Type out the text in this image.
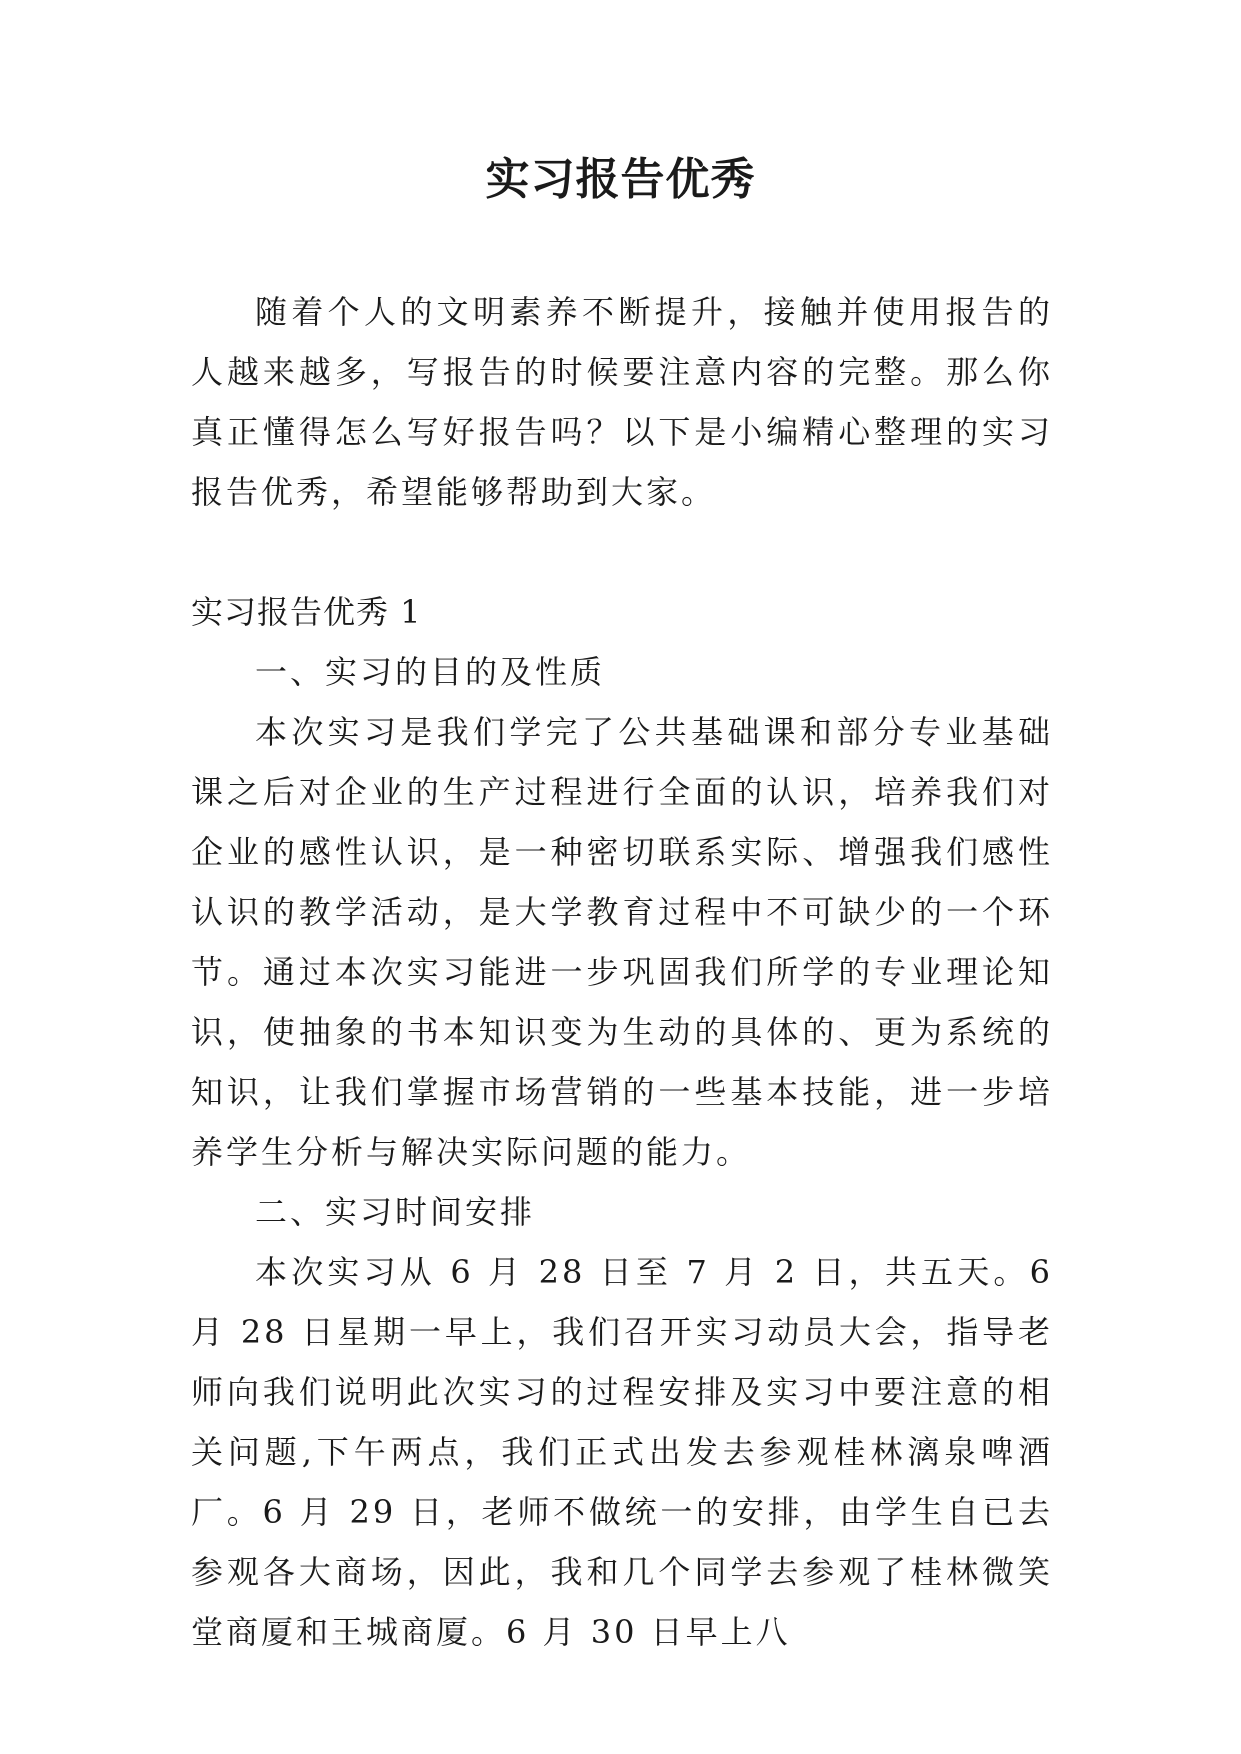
实习报告优秀

随着个人的文明素养不断提升，接触并使用报告的人越来越多，写报告的时候要注意内容的完整。那么你真正懂得怎么写好报告吗？以下是小编精心整理的实习报告优秀，希望能够帮助到大家。

实习报告优秀 1

一、实习的目的及性质

本次实习是我们学完了公共基础课和部分专业基础课之后对企业的生产过程进行全面的认识，培养我们对企业的感性认识，是一种密切联系实际、增强我们感性认识的教学活动，是大学教育过程中不可缺少的一个环节。通过本次实习能进一步巩固我们所学的专业理论知识，使抽象的书本知识变为生动的具体的、更为系统的知识，让我们掌握市场营销的一些基本技能，进一步培养学生分析与解决实际问题的能力。

二、实习时间安排

本次实习从 6 月 28 日至 7 月 2 日，共五天。6 月 28 日星期一早上，我们召开实习动员大会，指导老师向我们说明此次实习的过程安排及实习中要注意的相关问题,下午两点，我们正式出发去参观桂林漓泉啤酒厂。6 月 29 日，老师不做统一的安排，由学生自已去参观各大商场，因此，我和几个同学去参观了桂林微笑堂商厦和王城商厦。6 月 30 日早上八
